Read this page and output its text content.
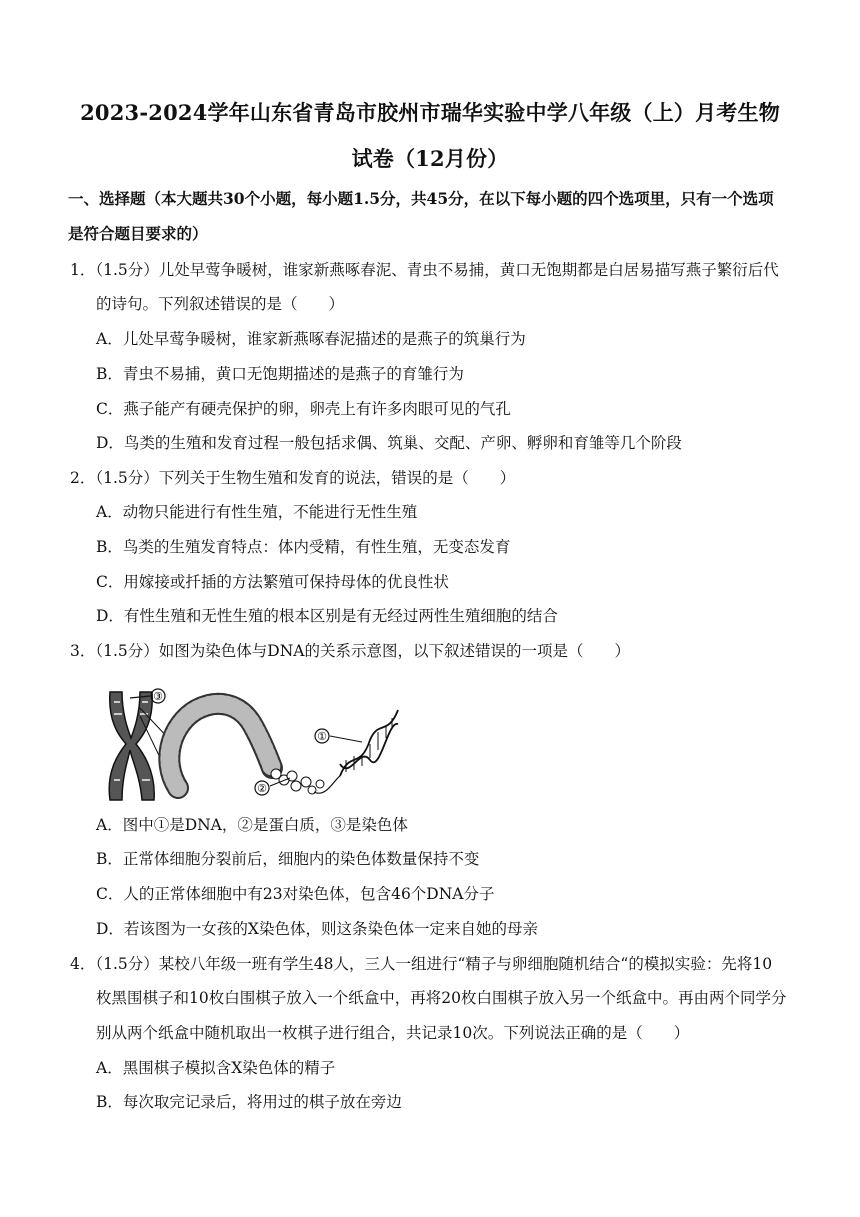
2023-2024学年山东省青岛市胶州市瑞华实验中学八年级（上）月考生物
试卷（12月份）
一、选择题（本大题共30个小题，每小题1.5分，共45分，在以下每小题的四个选项里，只有一个选项
是符合题目要求的）
1．（1.5分）儿处早莺争暖树，谁家新燕啄春泥、青虫不易捕，黄口无饱期都是白居易描写燕子繁衍后代
的诗句。下列叙述错误的是（　　）
A．儿处早莺争暖树，谁家新燕啄春泥描述的是燕子的筑巢行为
B．青虫不易捕，黄口无饱期描述的是燕子的育雏行为
C．燕子能产有硬壳保护的卵，卵壳上有许多肉眼可见的气孔
D．鸟类的生殖和发育过程一般包括求偶、筑巢、交配、产卵、孵卵和育雏等几个阶段
2．（1.5分）下列关于生物生殖和发育的说法，错误的是（　　）
A．动物只能进行有性生殖，不能进行无性生殖
B．鸟类的生殖发育特点：体内受精，有性生殖，无变态发育
C．用嫁接或扦插的方法繁殖可保持母体的优良性状
D．有性生殖和无性生殖的根本区别是有无经过两性生殖细胞的结合
3．（1.5分）如图为染色体与DNA的关系示意图，以下叙述错误的一项是（　　）
③
①
②
A．图中①是DNA，②是蛋白质，③是染色体
B．正常体细胞分裂前后，细胞内的染色体数量保持不变
C．人的正常体细胞中有23对染色体，包含46个DNA分子
D．若该图为一女孩的X染色体，则这条染色体一定来自她的母亲
4．（1.5分）某校八年级一班有学生48人，三人一组进行“精子与卵细胞随机结合“的模拟实验：先将10
枚黑围棋子和10枚白围棋子放入一个纸盒中，再将20枚白围棋子放入另一个纸盒中。再由两个同学分
别从两个纸盒中随机取出一枚棋子进行组合，共记录10次。下列说法正确的是（　　）
A．黑围棋子模拟含X染色体的精子
B．每次取完记录后，将用过的棋子放在旁边
